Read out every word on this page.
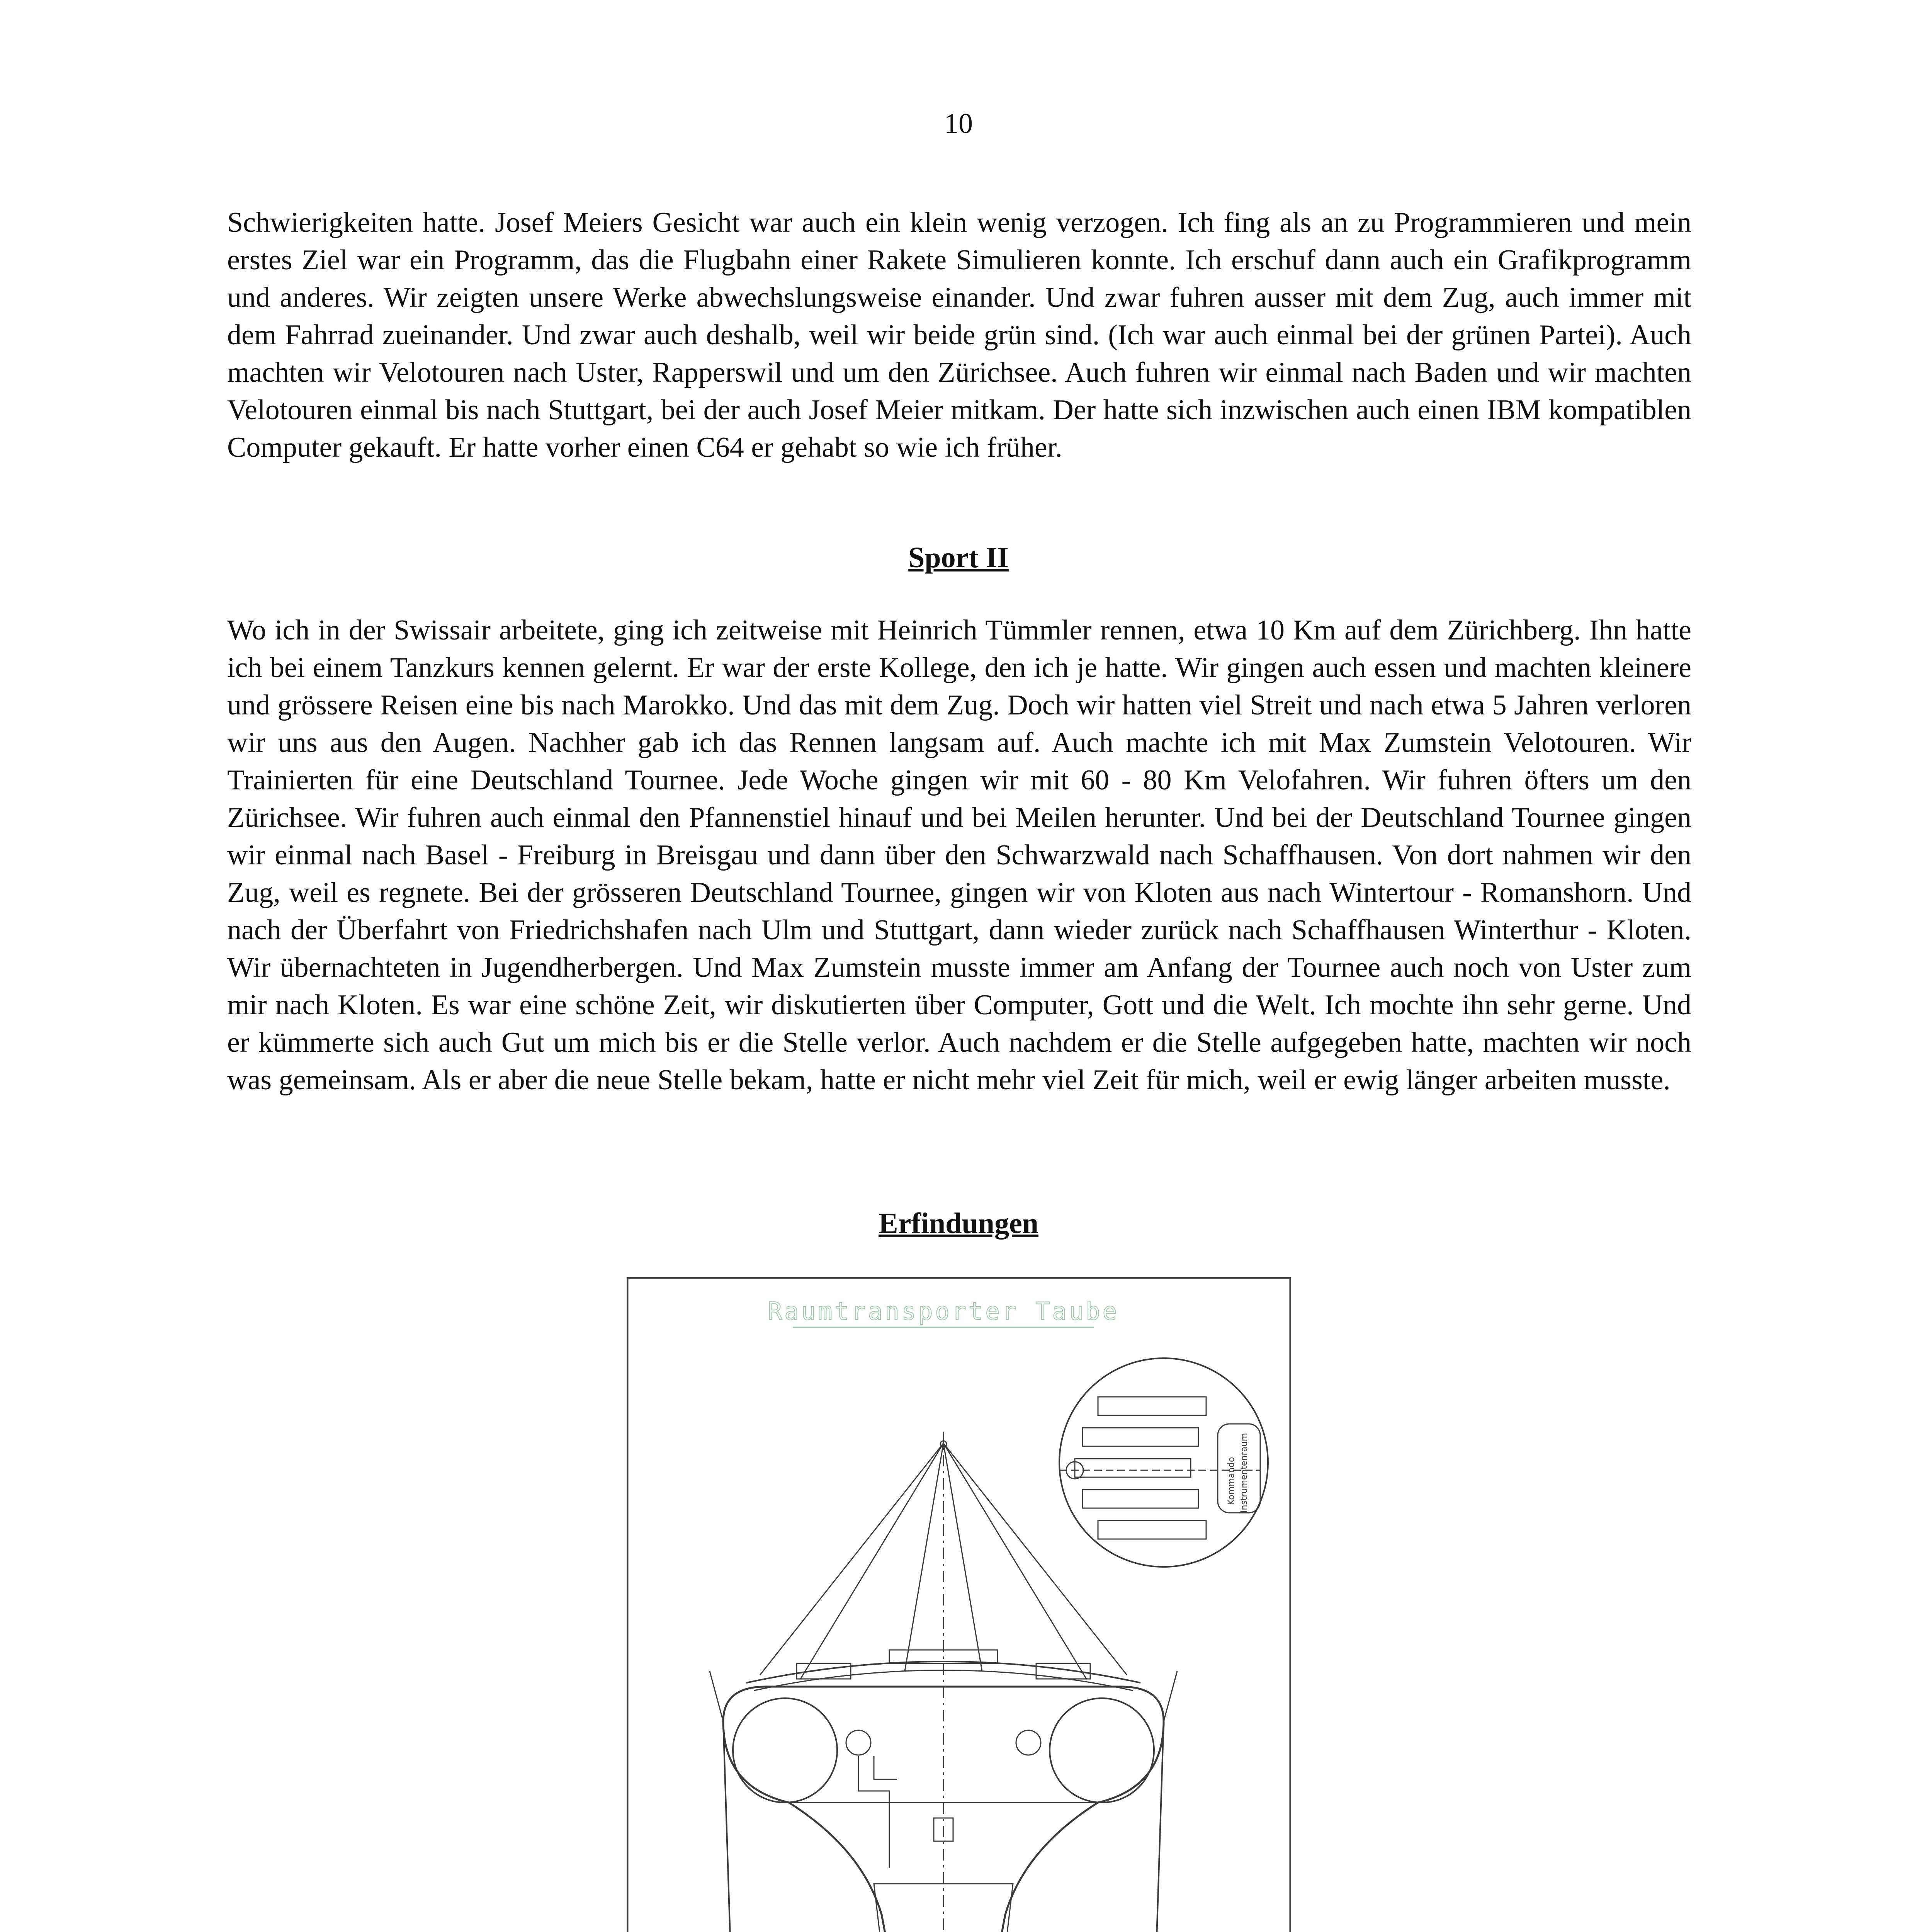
10

Schwierigkeiten hatte. Josef Meiers Gesicht war auch ein klein wenig verzogen. Ich fing als an zu Programmieren und mein erstes Ziel war ein Programm, das die Flugbahn einer Rakete Simulieren konnte. Ich erschuf dann auch ein Grafikprogramm und anderes. Wir zeigten unsere Werke abwechslungsweise einander. Und zwar fuhren ausser mit dem Zug, auch immer mit dem Fahrrad zueinander. Und zwar auch deshalb, weil wir beide grün sind. (Ich war auch einmal bei der grünen Partei). Auch machten wir Velotouren nach Uster, Rapperswil und um den Zürichsee. Auch fuhren wir einmal nach Baden und wir machten Velotouren einmal bis nach Stuttgart, bei der auch Josef Meier mitkam. Der hatte sich inzwischen auch einen IBM kompatiblen Computer gekauft. Er hatte vorher einen C64 er gehabt so wie ich früher.

Sport II

Wo ich in der Swissair arbeitete, ging ich zeitweise mit Heinrich Tümmler rennen, etwa 10 Km auf dem Zürichberg. Ihn hatte ich bei einem Tanzkurs kennen gelernt. Er war der erste Kollege, den ich je hatte. Wir gingen auch essen und machten kleinere und grössere Reisen eine bis nach Marokko. Und das mit dem Zug. Doch wir hatten viel Streit und nach etwa 5 Jahren verloren wir uns aus den Augen. Nachher gab ich das Rennen langsam auf. Auch machte ich mit Max Zumstein Velotouren. Wir Trainierten für eine Deutschland Tournee. Jede Woche gingen wir mit 60 - 80 Km Velofahren. Wir fuhren öfters um den Zürichsee. Wir fuhren auch einmal den Pfannenstiel hinauf und bei Meilen herunter. Und bei der Deutschland Tournee gingen wir einmal nach Basel - Freiburg in Breisgau und dann über den Schwarzwald nach Schaffhausen. Von dort nahmen wir den Zug, weil es regnete. Bei der grösseren Deutschland Tournee, gingen wir von Kloten aus nach Wintertour - Romanshorn. Und nach der Überfahrt von Friedrichshafen nach Ulm und Stuttgart, dann wieder zurück nach Schaffhausen Winterthur - Kloten. Wir übernachteten in Jugendherbergen. Und Max Zumstein musste immer am Anfang der Tournee auch noch von Uster zum mir nach Kloten. Es war eine schöne Zeit, wir diskutierten über Computer, Gott und die Welt. Ich mochte ihn sehr gerne. Und er kümmerte sich auch Gut um mich bis er die Stelle verlor. Auch nachdem er die Stelle aufgegeben hatte, machten wir noch was gemeinsam. Als er aber die neue Stelle bekam, hatte er nicht mehr viel Zeit für mich, weil er ewig länger arbeiten musste.

Erfindungen
Raumtransporter Taube
Kommando Instrumentenraum
